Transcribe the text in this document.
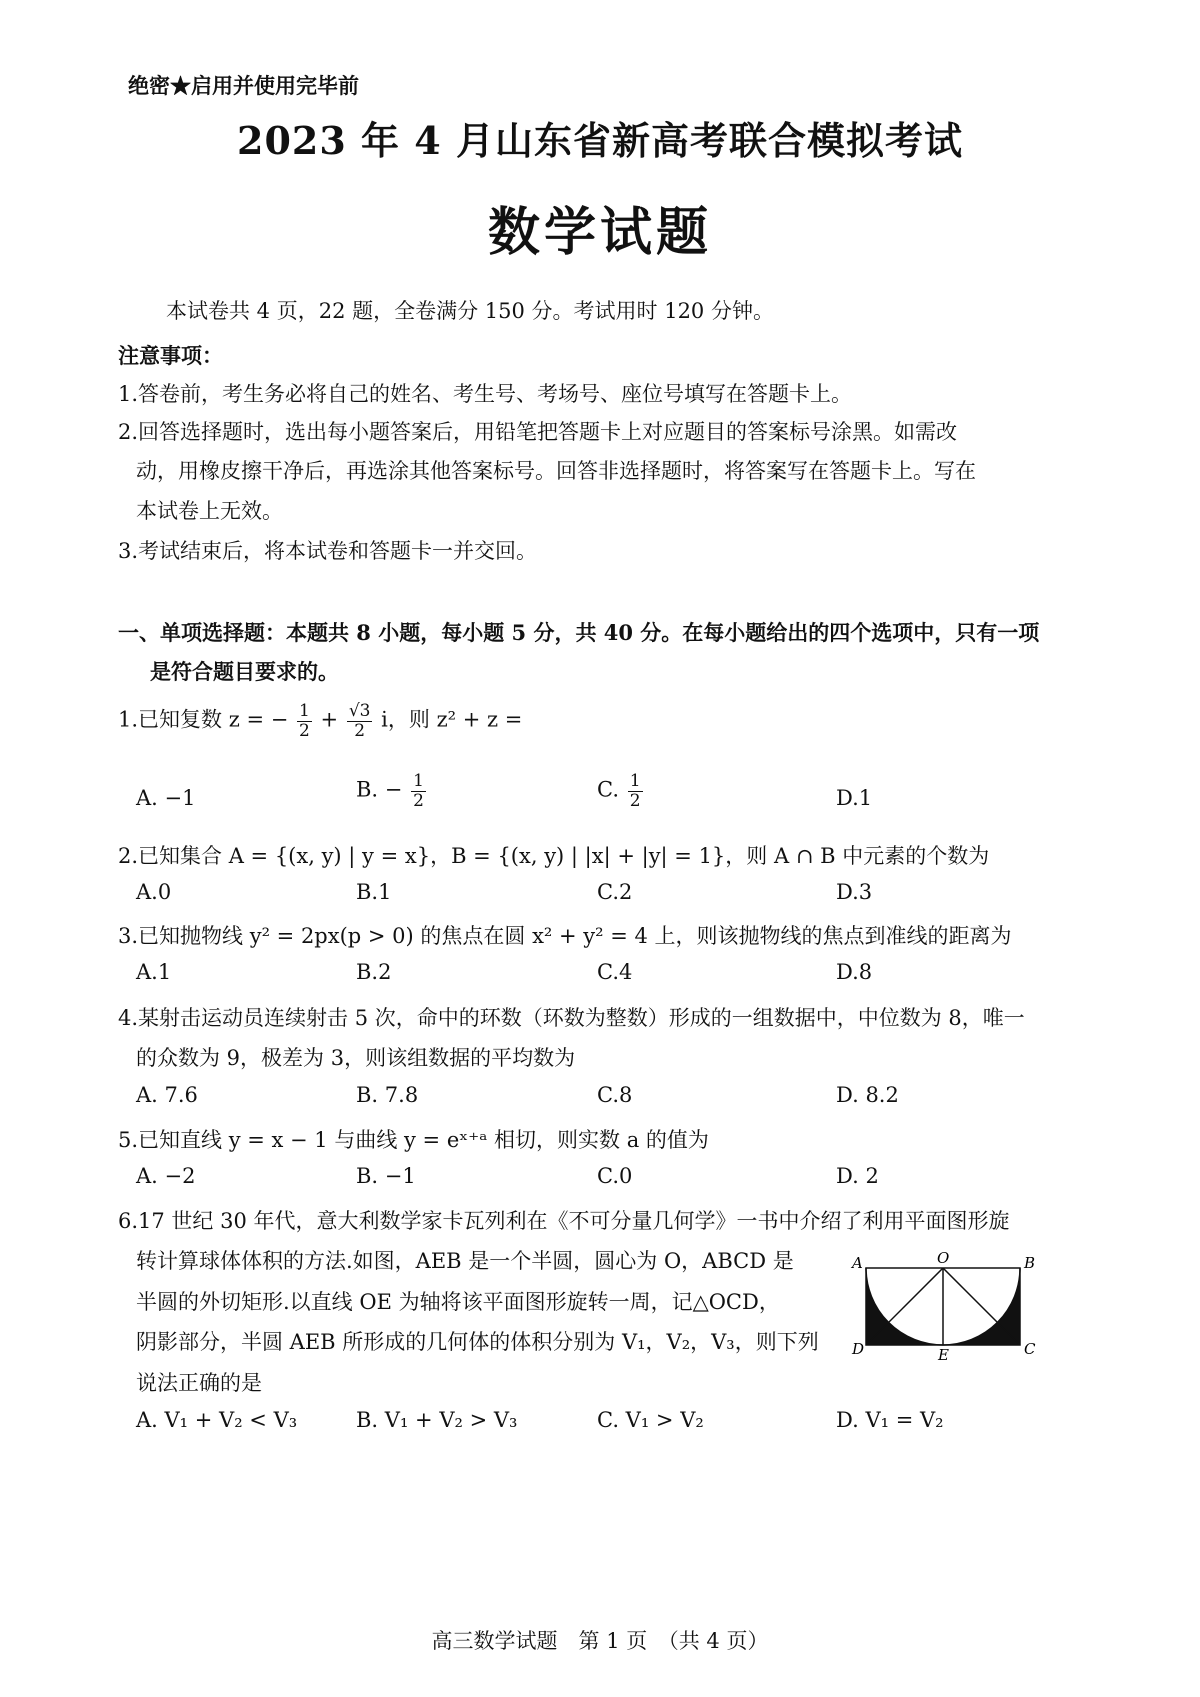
绝密★启用并使用完毕前
2023 年 4 月山东省新高考联合模拟考试
数学试题
本试卷共 4 页，22 题，全卷满分 150 分。考试用时 120 分钟。
注意事项：
1.答卷前，考生务必将自己的姓名、考生号、考场号、座位号填写在答题卡上。
2.回答选择题时，选出每小题答案后，用铅笔把答题卡上对应题目的答案标号涂黑。如需改
动，用橡皮擦干净后，再选涂其他答案标号。回答非选择题时，将答案写在答题卡上。写在
本试卷上无效。
3.考试结束后，将本试卷和答题卡一并交回。
一、单项选择题：本题共 8 小题，每小题 5 分，共 40 分。在每小题给出的四个选项中，只有一项
是符合题目要求的。
1.已知复数 z = − $\frac{1}{2} + \frac{√3}{2}$ i，则 z² + z =
A. −1	B. − $\frac{1}{2}$	C. $\frac{1}{2}$	D.1
2.已知集合 A = {(x, y) | y = x}，B = {(x, y) | |x| + |y| = 1}，则 A ∩ B 中元素的个数为
A.0	B.1	C.2	D.3
3.已知抛物线 y² = 2px(p > 0) 的焦点在圆 x² + y² = 4 上，则该抛物线的焦点到准线的距离为
A.1	B.2	C.4	D.8
4.某射击运动员连续射击 5 次，命中的环数（环数为整数）形成的一组数据中，中位数为 8，唯一
的众数为 9，极差为 3，则该组数据的平均数为
A. 7.6	B. 7.8	C.8	D. 8.2
5.已知直线 y = x − 1 与曲线 y = eˣ⁺ᵃ 相切，则实数 a 的值为
A. −2	B. −1	C.0	D. 2
6.17 世纪 30 年代，意大利数学家卡瓦列利在《不可分量几何学》一书中介绍了利用平面图形旋
转计算球体体积的方法.如图，AEB 是一个半圆，圆心为 O，ABCD 是
半圆的外切矩形.以直线 OE 为轴将该平面图形旋转一周，记△OCD，
阴影部分，半圆 AEB 所形成的几何体的体积分别为 V₁，V₂，V₃，则下列
说法正确的是
A	O	B
D	E	C
A. V₁ + V₂ < V₃	B. V₁ + V₂ > V₃	C. V₁ > V₂	D. V₁ = V₂
高三数学试题　第 1 页　（共 4 页）
